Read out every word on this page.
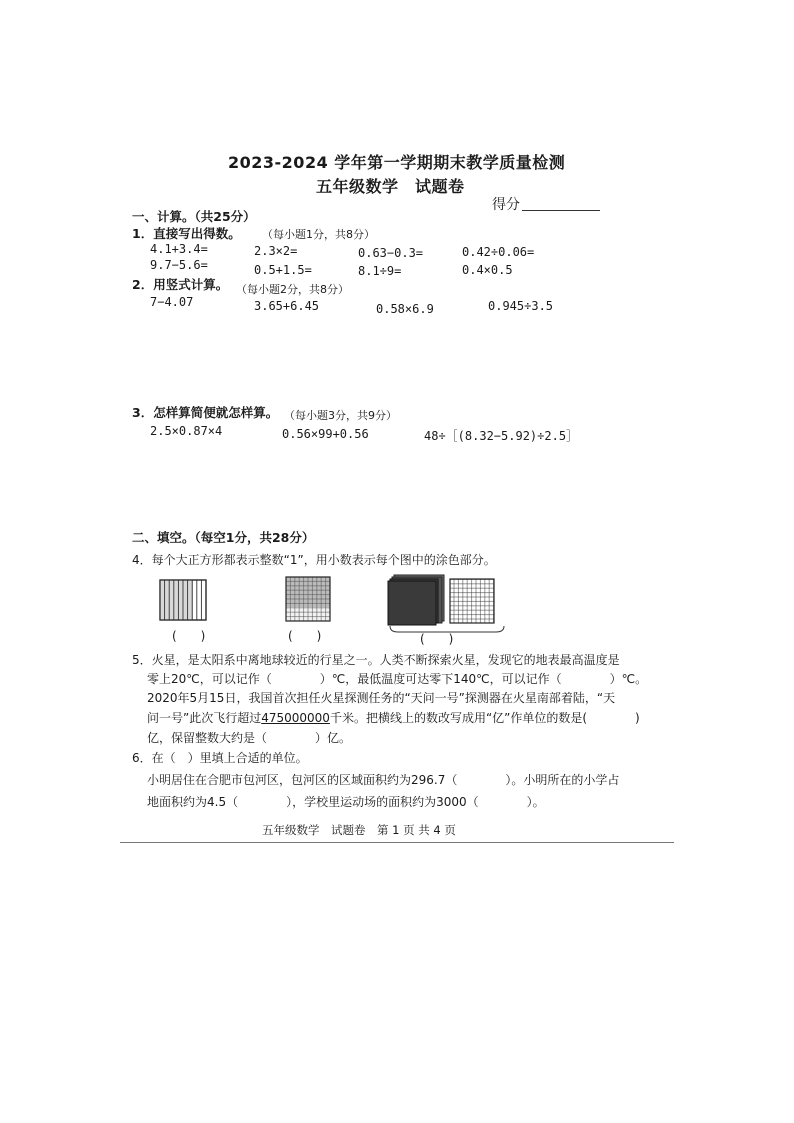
2023-2024 学年第一学期期末教学质量检测
五年级数学　试题卷
得分
一、计算。（共25分）
1．直接写出得数。 （每小题1分，共8分）
4.1+3.4=	2.3×2=	0.63−0.3=	0.42÷0.06=
9.7−5.6=	0.5+1.5=	8.1÷9=	0.4×0.5
2．用竖式计算。 （每小题2分，共8分）
7−4.07	3.65+6.45	0.58×6.9	0.945÷3.5
3．怎样算简便就怎样算。 （每小题3分，共9分）
2.5×0.87×4	0.56×99+0.56	48÷［(8.32−5.92)÷2.5］
二、填空。（每空1分，共28分）
4．每个大正方形都表示整数“1”，用小数表示每个图中的涂色部分。
(　　)	(　　)	(　　)
5．火星，是太阳系中离地球较近的行星之一。人类不断探索火星，发现它的地表最高温度是
零上20℃，可以记作（　　　　）℃，最低温度可达零下140℃，可以记作（　　　　）℃。
2020年5月15日，我国首次担任火星探测任务的“天问一号”探测器在火星南部着陆，“天
问一号”此次飞行超过475000000千米。把横线上的数改写成用“亿”作单位的数是(　　　　)
亿，保留整数大约是（　　　　）亿。
6．在（　）里填上合适的单位。
小明居住在合肥市包河区，包河区的区域面积约为296.7（　　　　）。小明所在的小学占
地面积约为4.5（　　　　），学校里运动场的面积约为3000（　　　　）。
五年级数学　试题卷　第 1 页 共 4 页
